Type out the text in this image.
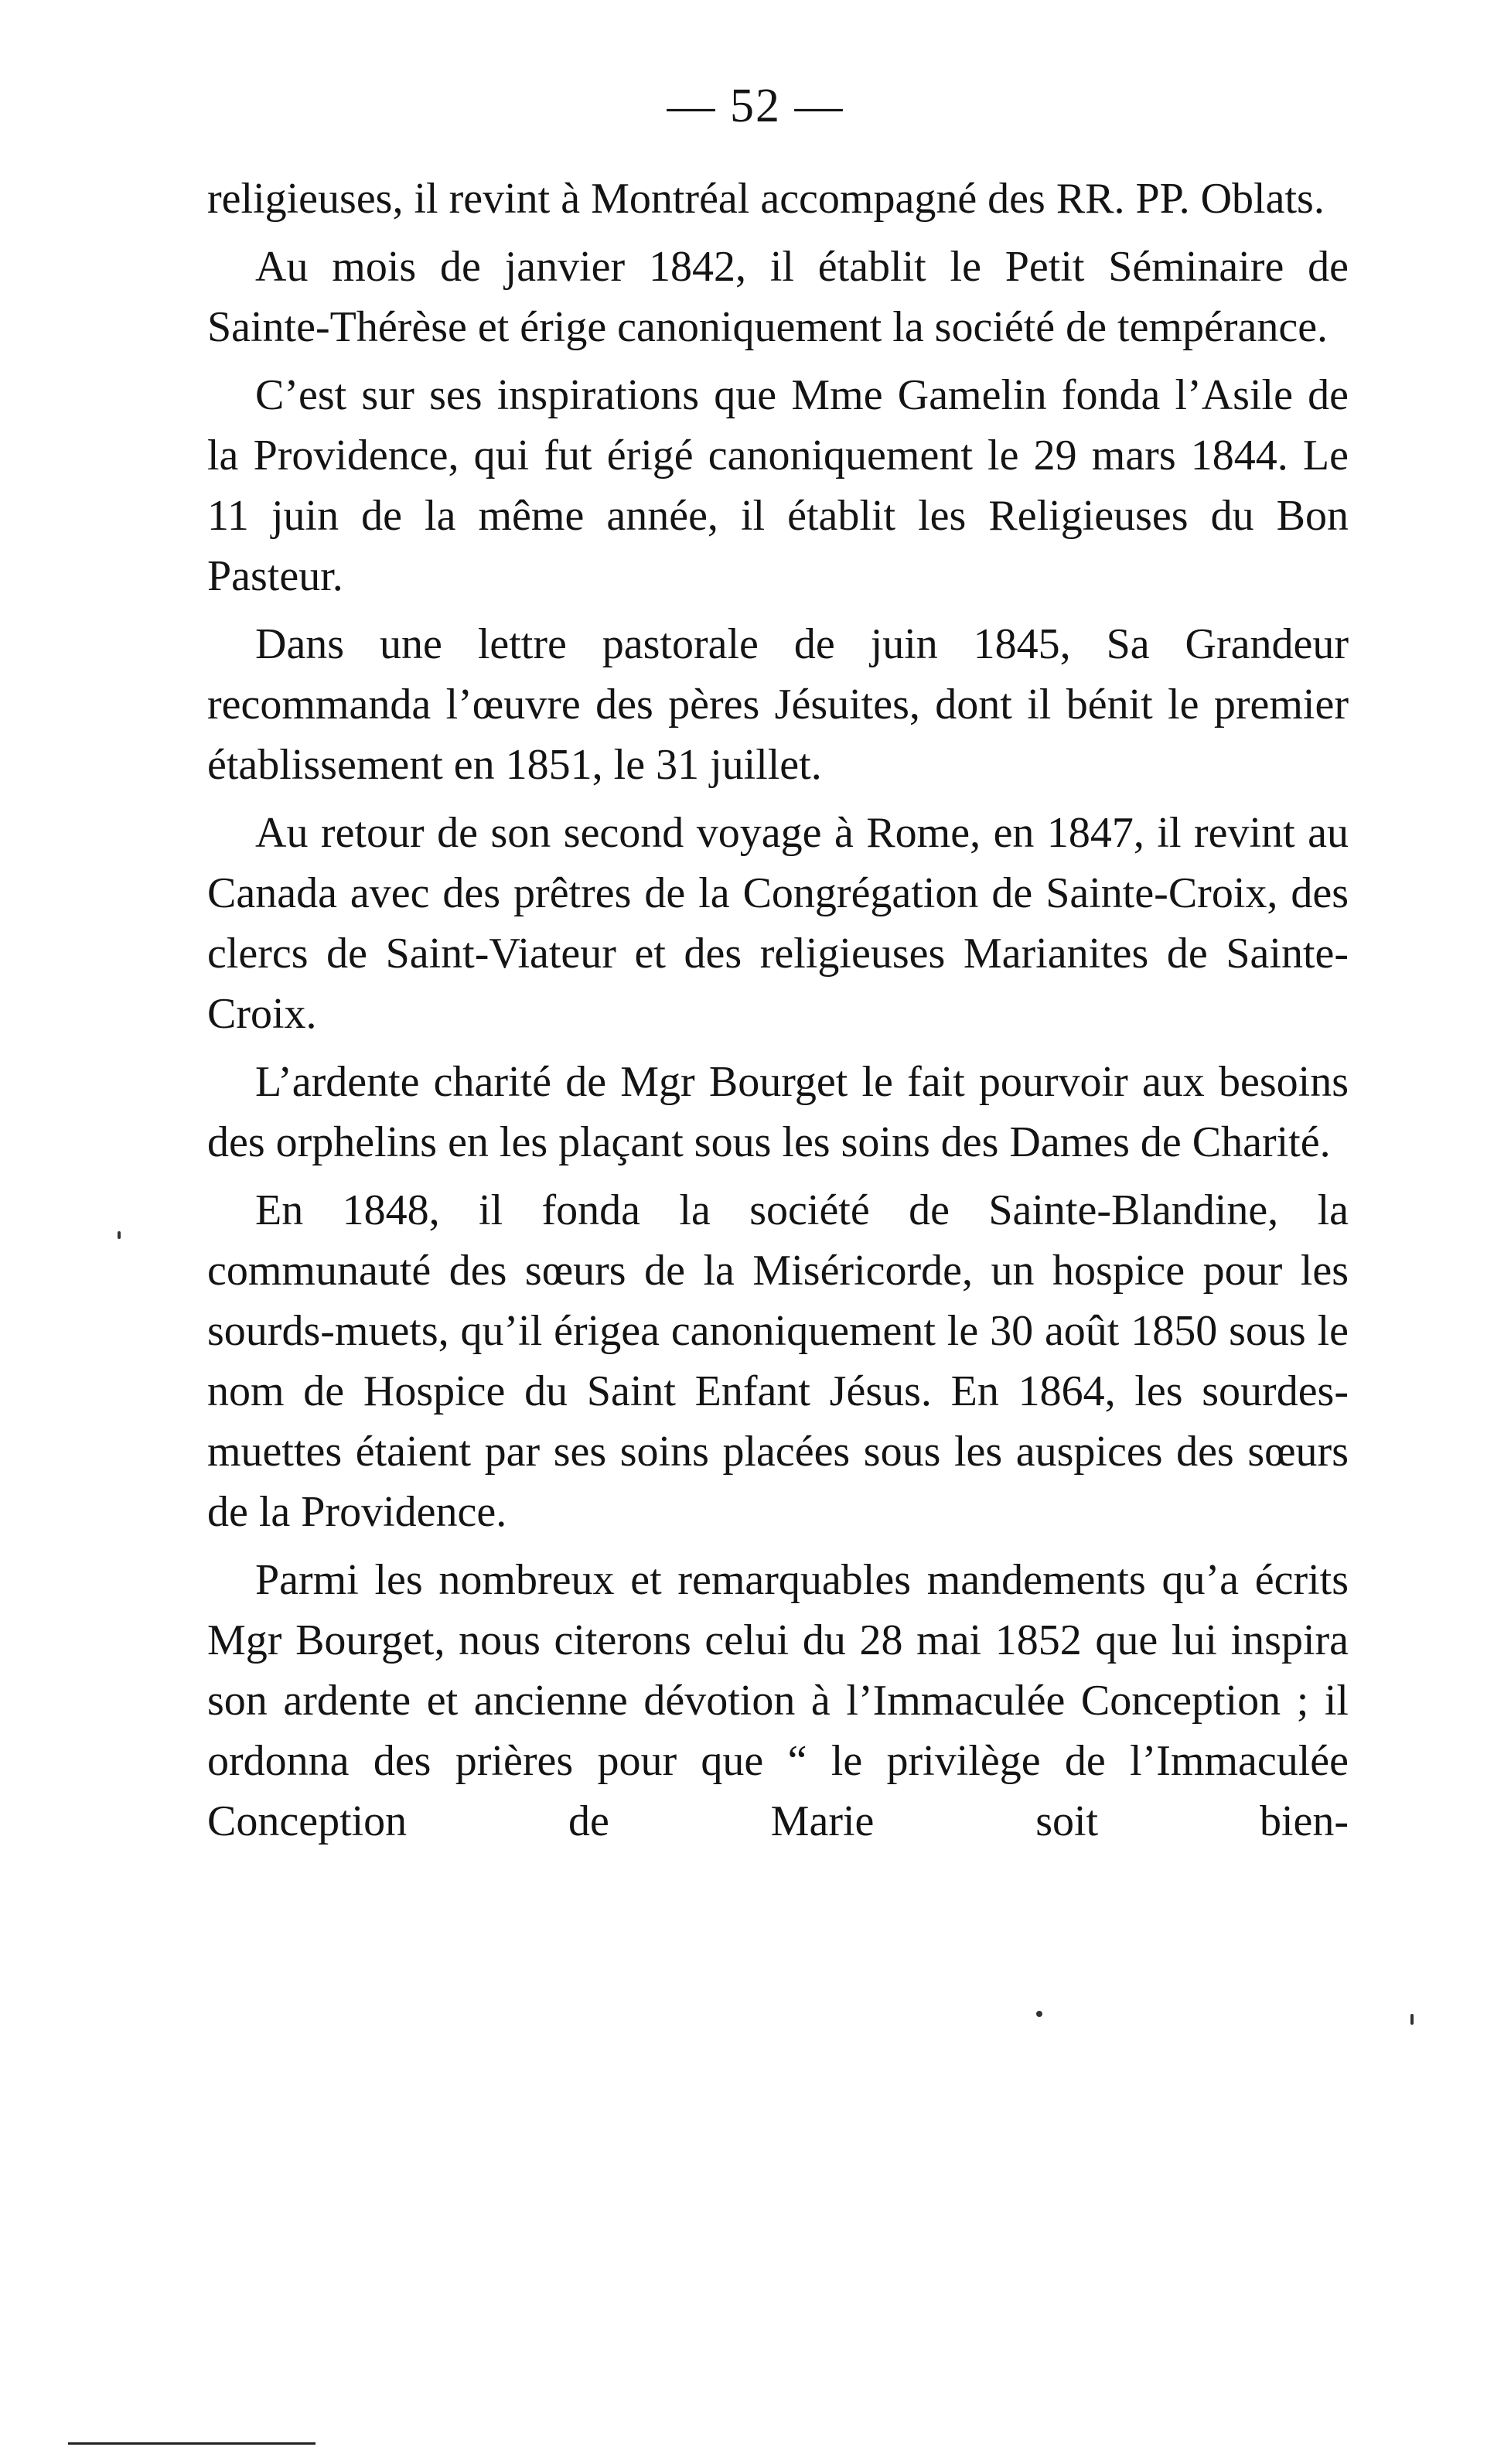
— 52 —

religieuses, il revint à Montréal accompagné des RR. PP. Oblats.

Au mois de janvier 1842, il établit le Petit Séminaire de Sainte-Thérèse et érige canoniquement la société de tempérance.

C’est sur ses inspirations que Mme Gamelin fonda l’Asile de la Providence, qui fut érigé canoniquement le 29 mars 1844. Le 11 juin de la même année, il établit les Religieuses du Bon Pasteur.

Dans une lettre pastorale de juin 1845, Sa Grandeur recommanda l’œuvre des pères Jésuites, dont il bénit le premier établissement en 1851, le 31 juillet.

Au retour de son second voyage à Rome, en 1847, il revint au Canada avec des prêtres de la Congrégation de Sainte-Croix, des clercs de Saint-Viateur et des religieuses Marianites de Sainte-Croix.

L’ardente charité de Mgr Bourget le fait pourvoir aux besoins des orphelins en les plaçant sous les soins des Dames de Charité.

En 1848, il fonda la société de Sainte-Blandine, la communauté des sœurs de la Miséricorde, un hospice pour les sourds-muets, qu’il érigea canoniquement le 30 août 1850 sous le nom de Hospice du Saint Enfant Jésus. En 1864, les sourdes-muettes étaient par ses soins placées sous les auspices des sœurs de la Providence.

Parmi les nombreux et remarquables mandements qu’a écrits Mgr Bourget, nous citerons celui du 28 mai 1852 que lui inspira son ardente et ancienne dévotion à l’Immaculée Conception ; il ordonna des prières pour que “ le privilège de l’Immaculée Conception de Marie soit bien-
